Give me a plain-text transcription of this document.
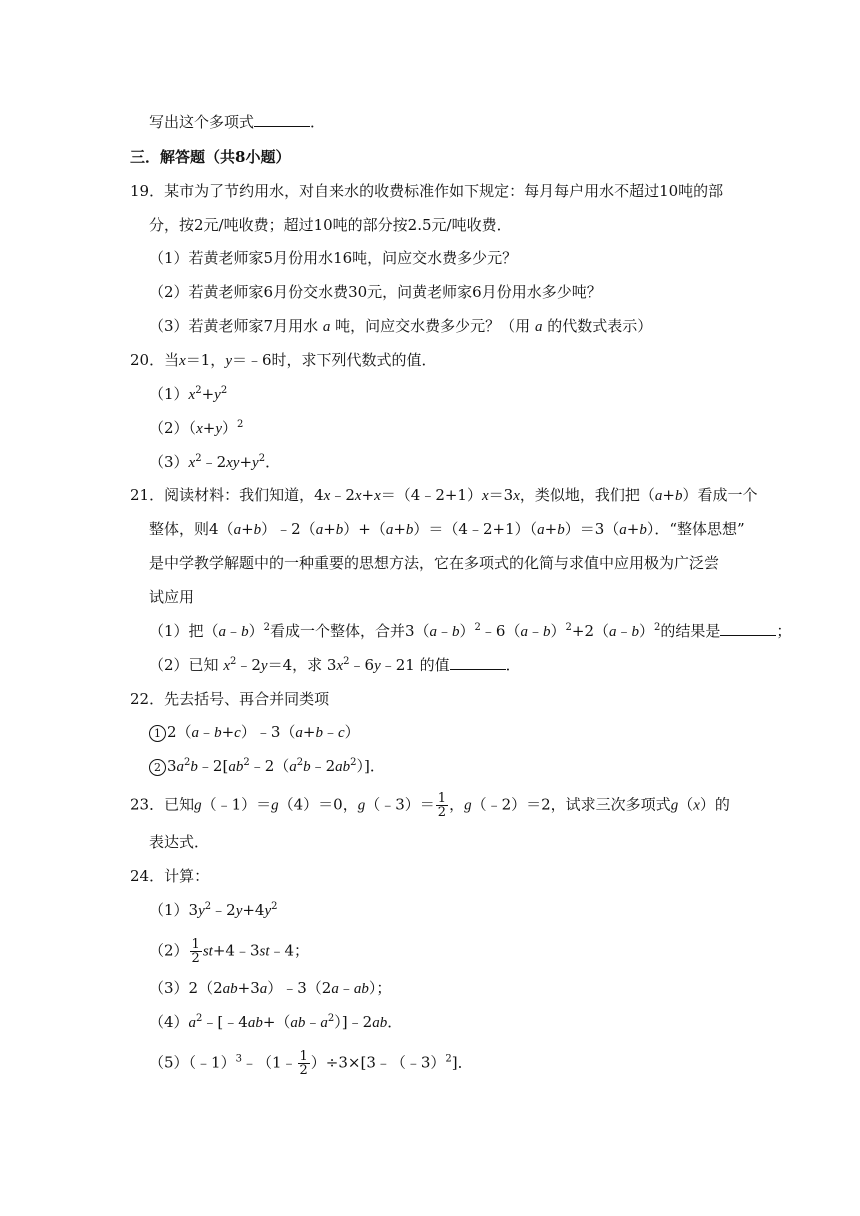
写出这个多项式	．
三．解答题（共8小题）
19．某市为了节约用水，对自来水的收费标准作如下规定：每月每户用水不超过10吨的部
分，按2元/吨收费；超过10吨的部分按2.5元/吨收费．
（1）若黄老师家5月份用水16吨，问应交水费多少元？
（2）若黄老师家6月份交水费30元，问黄老师家6月份用水多少吨？
（3）若黄老师家7月用水 a 吨，问应交水费多少元？（用 a 的代数式表示）
20．当x＝1，y＝﹣6时，求下列代数式的值．
$(1)x^2+y^2$
$(2)(x+y)^2$
$(3)x^2﹣2xy+y^2$．
21．阅读材料：我们知道，4x﹣2x+x＝（4﹣2+1）x＝3x，类似地，我们把（a+b）看成一个
整体，则4（a+b）﹣2（a+b）+（a+b）＝（4﹣2+1）（a+b）＝3（a+b）．“整体思想”
是中学教学解题中的一种重要的思想方法，它在多项式的化简与求值中应用极为广泛尝
试应用
（1）把（a﹣b）$^2$看成一个整体，合并3（a﹣b）$^2$﹣6（a﹣b）$^2$+2（a﹣b）$^2$的结果是	；
（2）已知 $x^2﹣2y=4$，求 $3x^2﹣6y﹣21$ 的值	．
22．先去括号、再合并同类项
1 2（a﹣b+c）﹣3（a+b﹣c）
2 $3a^2b﹣2[ab^2﹣2(a^2b﹣2ab^2)]$．
23．已知g（﹣1）＝g（4）＝0，g（﹣3）＝ $\frac{1}{2}$ ，g（﹣2）＝2，试求三次多项式g（x）的
表达式．
24．计算：
$(1)3y^2﹣2y+4y^2$
$(2) \frac{1}{2}$ st+4﹣3st﹣4；
（3）2（2ab+3a）﹣3（2a﹣ab）；
$(4)a^2﹣[﹣4ab+(ab﹣a^2)]﹣2ab$．
（5）（﹣1）$^3$﹣（1﹣ $\frac{1}{2}$ ）÷3×[3﹣（﹣3）$^2$]．
